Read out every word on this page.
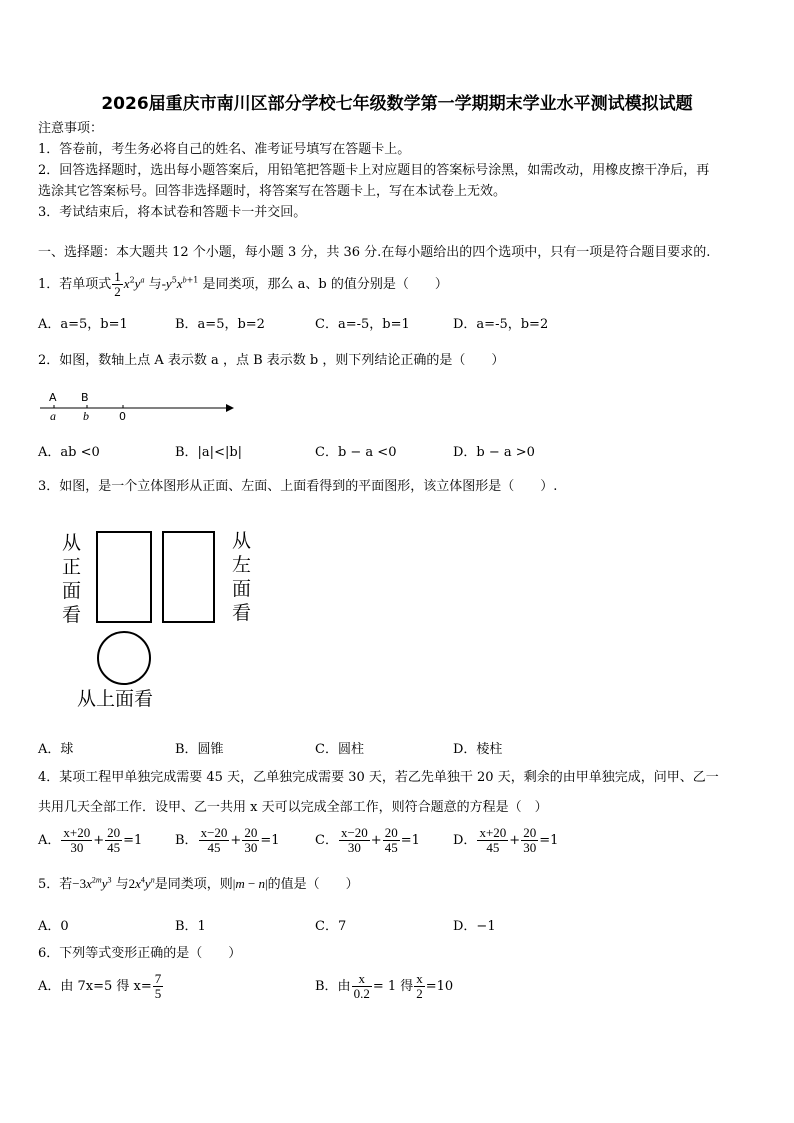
2026届重庆市南川区部分学校七年级数学第一学期期末学业水平测试模拟试题
注意事项：
1．答卷前，考生务必将自己的姓名、准考证号填写在答题卡上。
2．回答选择题时，选出每小题答案后，用铅笔把答题卡上对应题目的答案标号涂黑，如需改动，用橡皮擦干净后，再
选涂其它答案标号。回答非选择题时，将答案写在答题卡上，写在本试卷上无效。
3．考试结束后，将本试卷和答题卡一并交回。
一、选择题：本大题共 12 个小题，每小题 3 分，共 36 分.在每小题给出的四个选项中，只有一项是符合题目要求的.
1．若单项式 $\frac{1}{2} x^2y^a$ 与$-y^5x^{b+1}$ 是同类项，那么 a、b 的值分别是（　　）
A．a=5，b=1	B．a=5，b=2	C．a=-5，b=1	D．a=-5，b=2
2．如图，数轴上点 A 表示数 a ，点 B 表示数 b ，则下列结论正确的是（　　）
A B
a b	0
A．ab <0	B．|a|<|b|	C．b − a <0	D．b − a >0
3．如图，是一个立体图形从正面、左面、上面看得到的平面图形，该立体图形是（　　）.
从
正
面
看
从
左
面
看
从上面看
A．球	B．圆锥	C．圆柱	D．棱柱
4．某项工程甲单独完成需要 45 天，乙单独完成需要 30 天，若乙先单独干 20 天，剩余的由甲单独完成，问甲、乙一
共用几天全部工作．设甲、乙一共用 x 天可以完成全部工作，则符合题意的方程是（　）
A． $\frac{x+20}{30} + \frac{20}{45} =1$	B． $\frac{x-20}{45} + \frac{20}{30} =1$	C． $\frac{x-20}{30} + \frac{20}{45} =1$	D． $\frac{x+20}{45} + \frac{20}{30} =1$
5．若$-3x^{2m}y^3$ 与$2x^4y^n$是同类项，则|m − n|的值是（　　）
A．0	B．1	C．7	D．−1
6．下列等式变形正确的是（　　）
A．由 7x=5 得 $x= \frac{7}{5}$	B．由 $\frac{x}{0.2} = 1$ 得 $\frac{x}{2} =10$
